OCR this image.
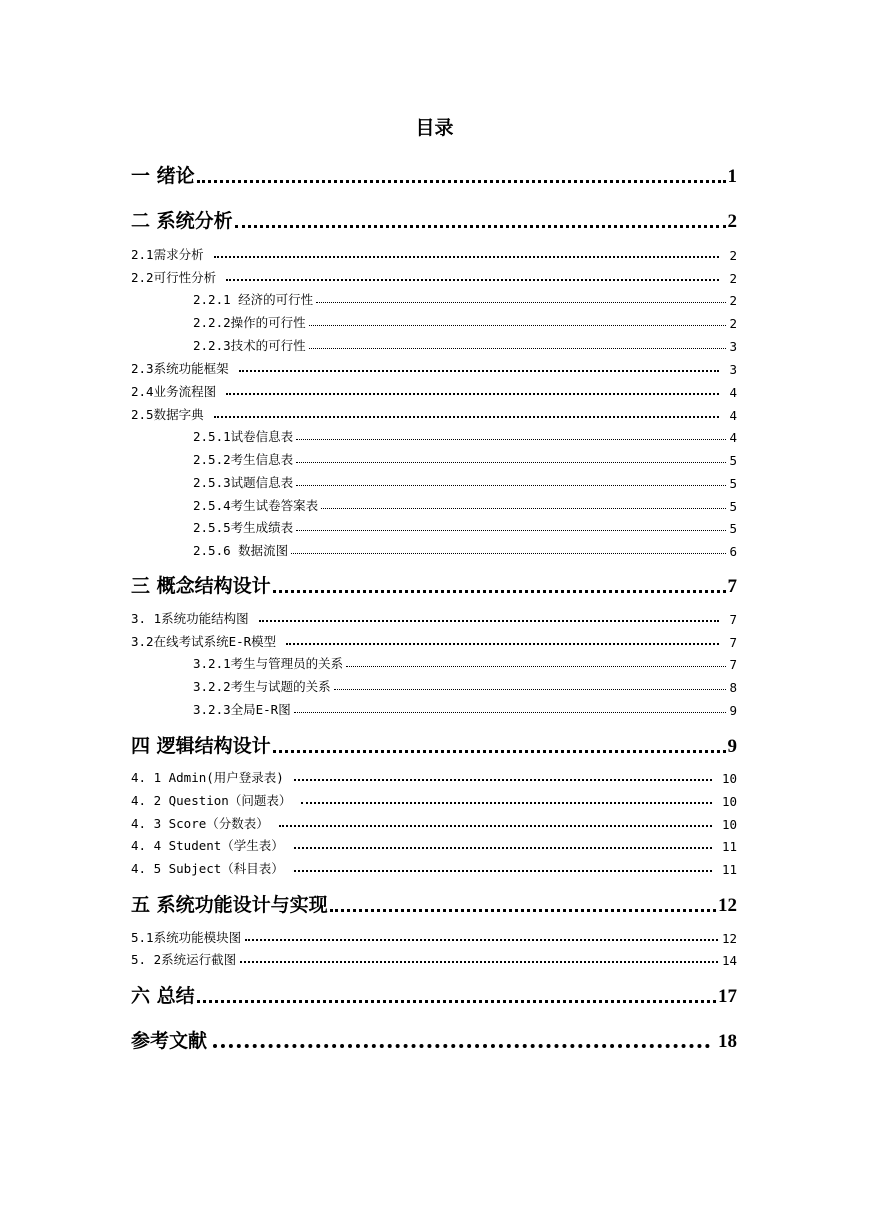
目录
一 绪论	1
二 系统分析	2
2.1需求分析	2
2.2可行性分析	2
2.2.1 经济的可行性	2
2.2.2操作的可行性	2
2.2.3技术的可行性	3
2.3系统功能框架	3
2.4业务流程图	4
2.5数据字典	4
2.5.1试卷信息表	4
2.5.2考生信息表	5
2.5.3试题信息表	5
2.5.4考生试卷答案表	5
2.5.5考生成绩表	5
2.5.6 数据流图	6
三 概念结构设计	7
3. 1系统功能结构图	7
3.2在线考试系统E-R模型	7
3.2.1考生与管理员的关系	7
3.2.2考生与试题的关系	8
3.2.3全局E-R图	9
四 逻辑结构设计	9
4. 1 Admin(用户登录表)	10
4. 2 Question（问题表）	10
4. 3 Score（分数表）	10
4. 4 Student（学生表）	11
4. 5 Subject（科目表）	11
五 系统功能设计与实现	12
5.1系统功能模块图	12
5. 2系统运行截图	14
六 总结	17
参考文献	18
